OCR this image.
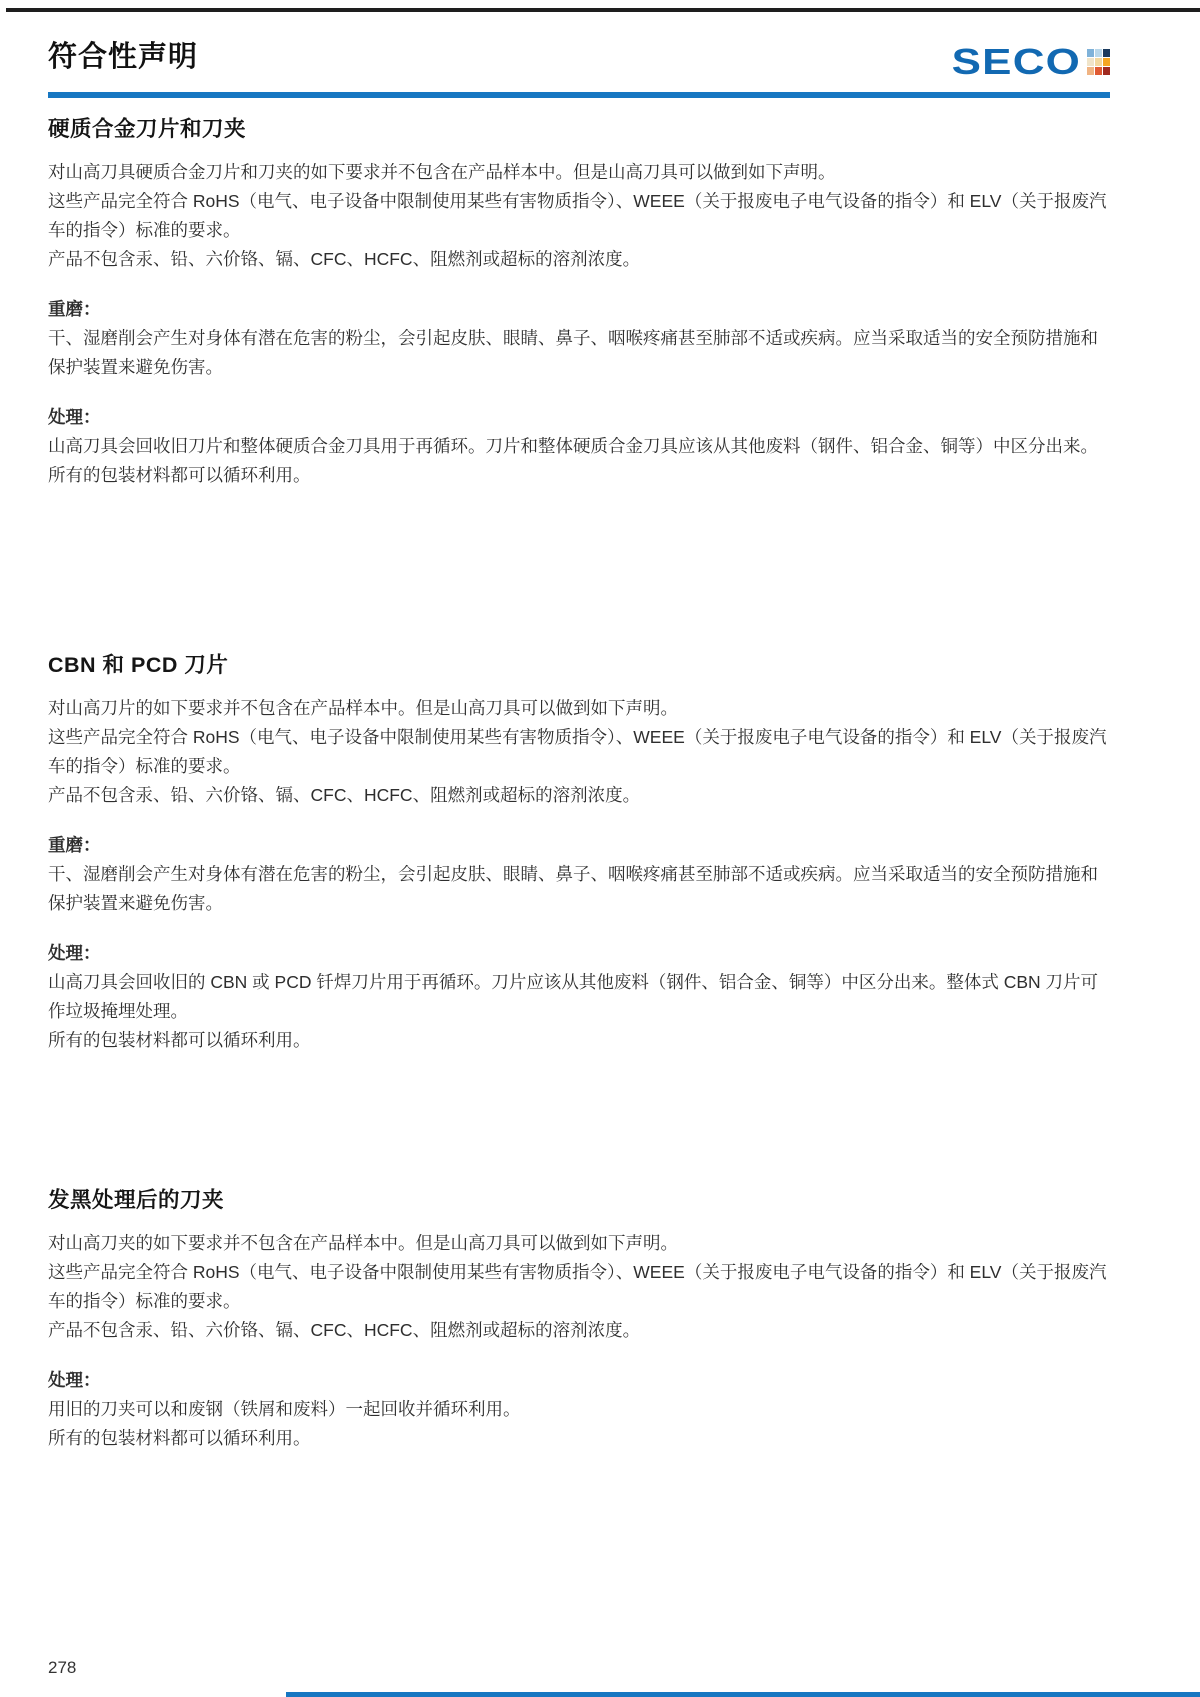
符合性声明	SECO
硬质合金刀片和刀夹

对山高刀具硬质合金刀片和刀夹的如下要求并不包含在产品样本中。但是山高刀具可以做到如下声明。

这些产品完全符合 RoHS（电气、电子设备中限制使用某些有害物质指令）、WEEE（关于报废电子电气设备的指令）和 ELV（关于报废汽车的指令）标准的要求。

产品不包含汞、铅、六价铬、镉、CFC、HCFC、阻燃剂或超标的溶剂浓度。

重磨：

干、湿磨削会产生对身体有潜在危害的粉尘，会引起皮肤、眼睛、鼻子、咽喉疼痛甚至肺部不适或疾病。应当采取适当的安全预防措施和保护装置来避免伤害。

处理：

山高刀具会回收旧刀片和整体硬质合金刀具用于再循环。刀片和整体硬质合金刀具应该从其他废料（钢件、铝合金、铜等）中区分出来。

所有的包装材料都可以循环利用。

CBN 和 PCD 刀片

对山高刀片的如下要求并不包含在产品样本中。但是山高刀具可以做到如下声明。

这些产品完全符合 RoHS（电气、电子设备中限制使用某些有害物质指令）、WEEE（关于报废电子电气设备的指令）和 ELV（关于报废汽车的指令）标准的要求。

产品不包含汞、铅、六价铬、镉、CFC、HCFC、阻燃剂或超标的溶剂浓度。

重磨：

干、湿磨削会产生对身体有潜在危害的粉尘，会引起皮肤、眼睛、鼻子、咽喉疼痛甚至肺部不适或疾病。应当采取适当的安全预防措施和保护装置来避免伤害。

处理：

山高刀具会回收旧的 CBN 或 PCD 钎焊刀片用于再循环。刀片应该从其他废料（钢件、铝合金、铜等）中区分出来。整体式 CBN 刀片可作垃圾掩埋处理。

所有的包装材料都可以循环利用。

发黑处理后的刀夹

对山高刀夹的如下要求并不包含在产品样本中。但是山高刀具可以做到如下声明。

这些产品完全符合 RoHS（电气、电子设备中限制使用某些有害物质指令）、WEEE（关于报废电子电气设备的指令）和 ELV（关于报废汽车的指令）标准的要求。

产品不包含汞、铅、六价铬、镉、CFC、HCFC、阻燃剂或超标的溶剂浓度。

处理：

用旧的刀夹可以和废钢（铁屑和废料）一起回收并循环利用。

所有的包装材料都可以循环利用。

278
